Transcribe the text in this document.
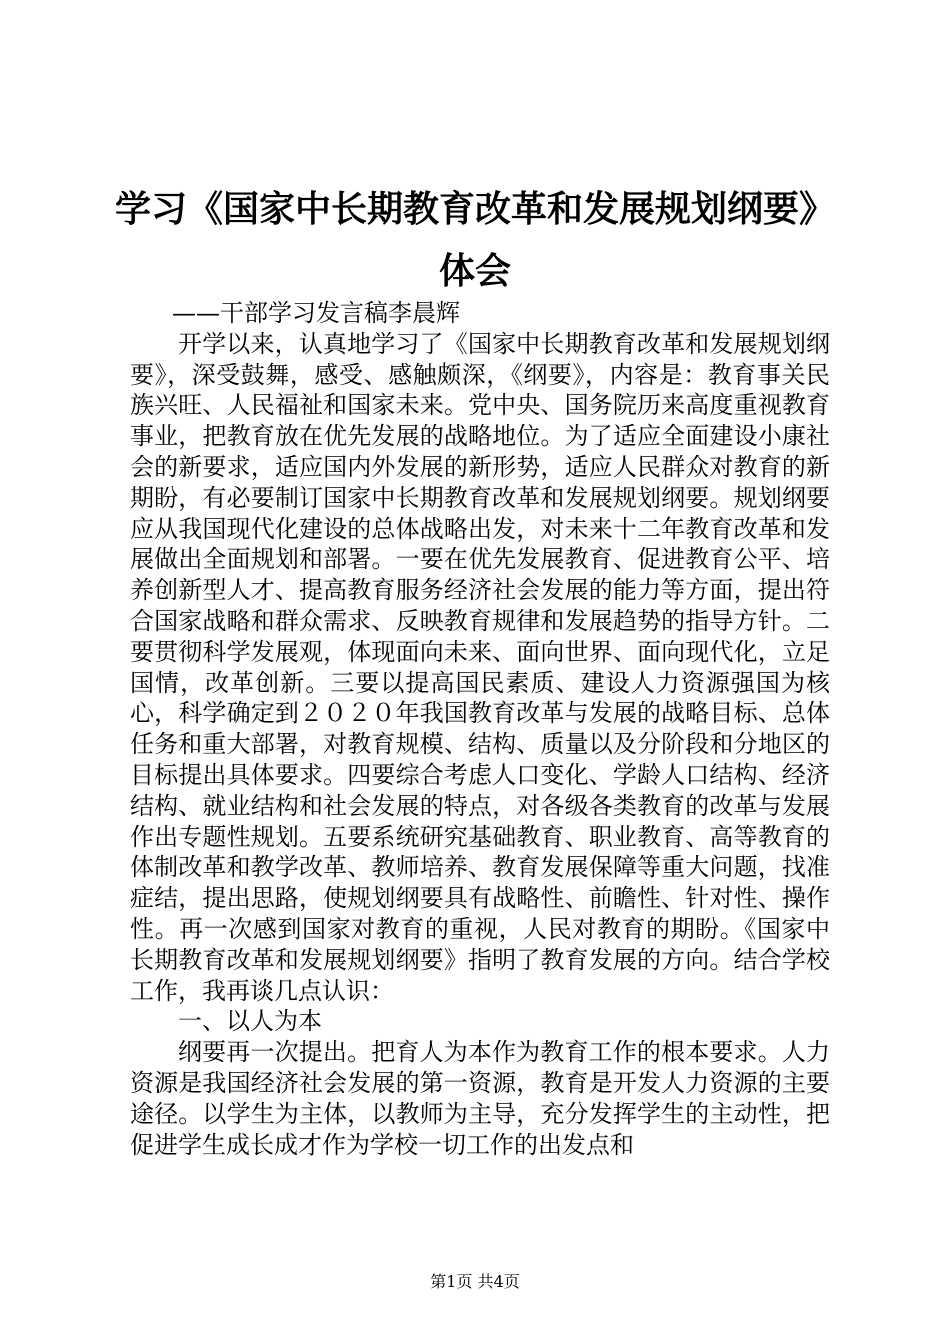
学习《国家中长期教育改革和发展规划纲要》
体会

——干部学习发言稿李晨辉

开学以来，认真地学习了《国家中长期教育改革和发展规划纲要》，深受鼓舞，感受、感触颇深，《纲要》，内容是：教育事关民族兴旺、人民福祉和国家未来。党中央、国务院历来高度重视教育事业，把教育放在优先发展的战略地位。为了适应全面建设小康社会的新要求，适应国内外发展的新形势，适应人民群众对教育的新期盼，有必要制订国家中长期教育改革和发展规划纲要。规划纲要应从我国现代化建设的总体战略出发，对未来十二年教育改革和发展做出全面规划和部署。一要在优先发展教育、促进教育公平、培养创新型人才、提高教育服务经济社会发展的能力等方面，提出符合国家战略和群众需求、反映教育规律和发展趋势的指导方针。二要贯彻科学发展观，体现面向未来、面向世界、面向现代化，立足国情，改革创新。三要以提高国民素质、建设人力资源强国为核心，科学确定到２０２０年我国教育改革与发展的战略目标、总体任务和重大部署，对教育规模、结构、质量以及分阶段和分地区的目标提出具体要求。四要综合考虑人口变化、学龄人口结构、经济结构、就业结构和社会发展的特点，对各级各类教育的改革与发展作出专题性规划。五要系统研究基础教育、职业教育、高等教育的体制改革和教学改革、教师培养、教育发展保障等重大问题，找准症结，提出思路，使规划纲要具有战略性、前瞻性、针对性、操作性。再一次感到国家对教育的重视，人民对教育的期盼。《国家中长期教育改革和发展规划纲要》指明了教育发展的方向。结合学校工作，我再谈几点认识：

一、以人为本

纲要再一次提出。把育人为本作为教育工作的根本要求。人力资源是我国经济社会发展的第一资源，教育是开发人力资源的主要途径。以学生为主体，以教师为主导，充分发挥学生的主动性，把促进学生成长成才作为学校一切工作的出发点和

第1页 共4页
